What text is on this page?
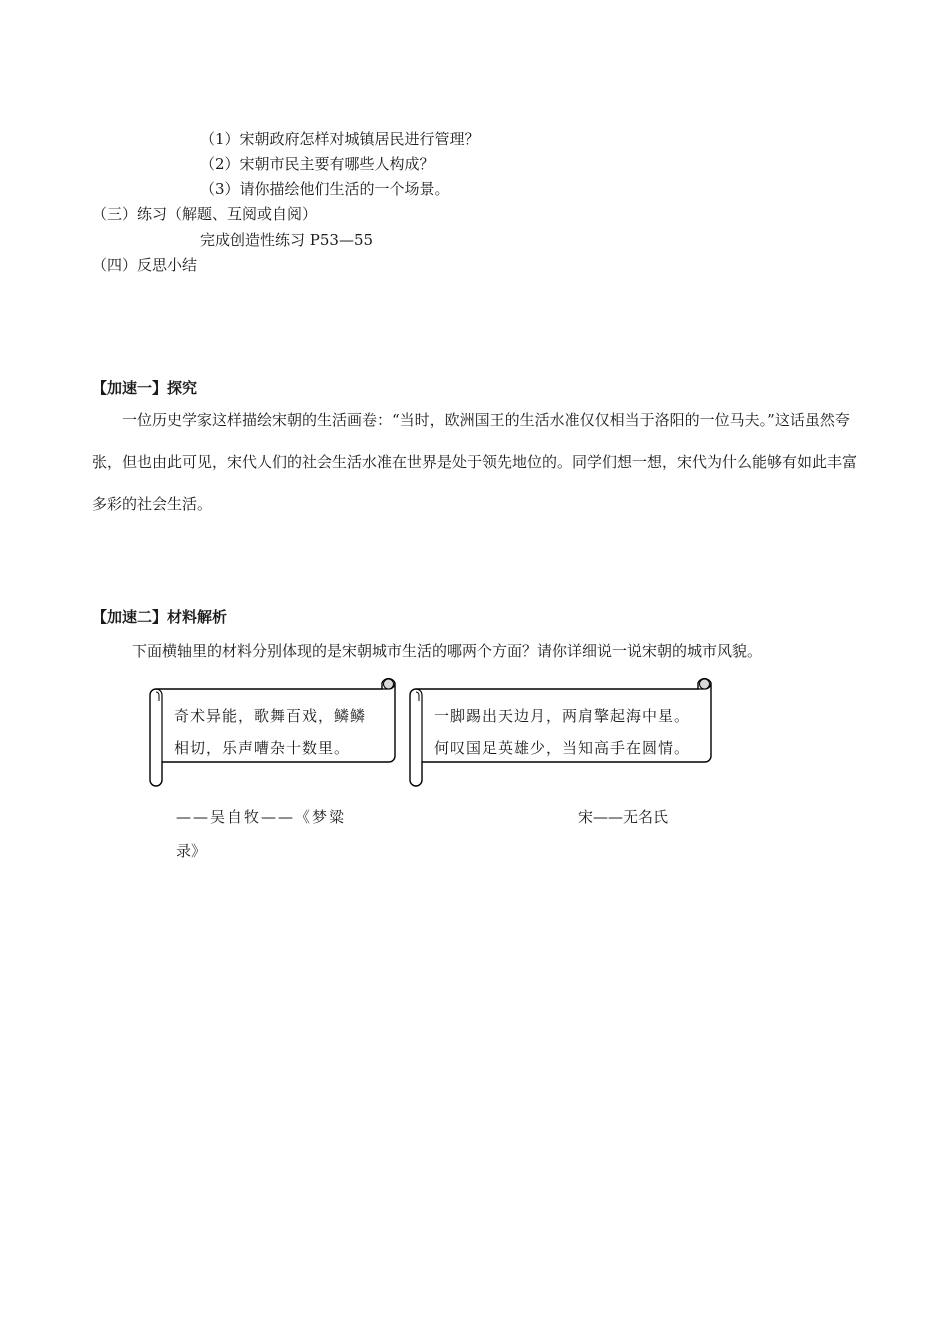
（1）宋朝政府怎样对城镇居民进行管理？
（2）宋朝市民主要有哪些人构成？
（3）请你描绘他们生活的一个场景。
（三）练习（解题、互阅或自阅）
完成创造性练习 P53—55
（四）反思小结
【加速一】探究
一位历史学家这样描绘宋朝的生活画卷：“当时，欧洲国王的生活水准仅仅相当于洛阳的一位马夫。”这话虽然夸张，但也由此可见，宋代人们的社会生活水准在世界是处于领先地位的。同学们想一想，宋代为什么能够有如此丰富多彩的社会生活。
【加速二】材料解析
下面横轴里的材料分别体现的是宋朝城市生活的哪两个方面？请你详细说一说宋朝的城市风貌。
奇术异能，歌舞百戏，鳞鳞相切，乐声嘈杂十数里。
——吴自牧——《梦粱
录》
一脚踢出天边月，两肩擎起海中星。何叹国足英雄少，当知高手在圆情。
宋——无名氏
